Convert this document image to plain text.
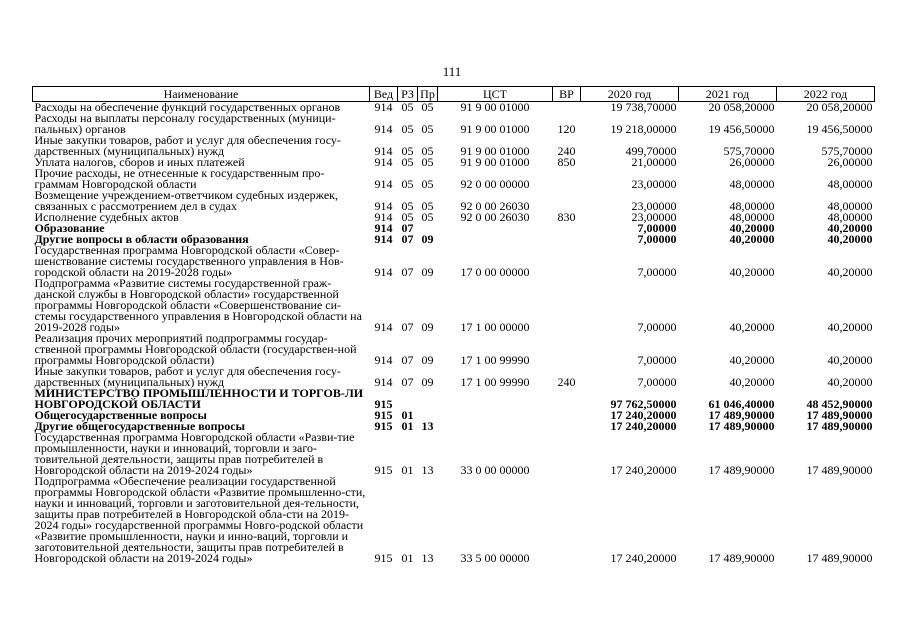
111
Наименование	Вед	РЗ	Пр	ЦСТ	ВР	2020 год	2021 год	2022 год
Расходы на обеспечение функций государственных органов	914	05	05	91 9 00 01000		19 738,70000	20 058,20000	20 058,20000
Расходы на выплаты персоналу государственных (муници-пальных) органов	914	05	05	91 9 00 01000	120	19 218,00000	19 456,50000	19 456,50000
Иные закупки товаров, работ и услуг для обеспечения госу-дарственных (муниципальных) нужд	914	05	05	91 9 00 01000	240	499,70000	575,70000	575,70000
Уплата налогов, сборов и иных платежей	914	05	05	91 9 00 01000	850	21,00000	26,00000	26,00000
Прочие расходы, не отнесенные к государственным про-граммам Новгородской области	914	05	05	92 0 00 00000		23,00000	48,00000	48,00000
Возмещение учреждением-ответчиком судебных издержек, связанных с рассмотрением дел в судах	914	05	05	92 0 00 26030		23,00000	48,00000	48,00000
Исполнение судебных актов	914	05	05	92 0 00 26030	830	23,00000	48,00000	48,00000
Образование	914	07				7,00000	40,20000	40,20000
Другие вопросы в области образования	914	07	09			7,00000	40,20000	40,20000
Государственная программа Новгородской области «Совер-шенствование системы государственного управления в Нов-городской области на 2019-2028 годы»	914	07	09	17 0 00 00000		7,00000	40,20000	40,20000
Подпрограмма «Развитие системы государственной граж-данской службы в Новгородской области» государственной программы Новгородской области «Совершенствование си-стемы государственного управления в Новгородской области на 2019-2028 годы»	914	07	09	17 1 00 00000		7,00000	40,20000	40,20000
Реализация прочих мероприятий подпрограммы государ-ственной программы Новгородской области (государствен-ной программы Новгородской области)	914	07	09	17 1 00 99990		7,00000	40,20000	40,20000
Иные закупки товаров, работ и услуг для обеспечения госу-дарственных (муниципальных) нужд	914	07	09	17 1 00 99990	240	7,00000	40,20000	40,20000
МИНИСТЕРСТВО ПРОМЫШЛЕННОСТИ И ТОРГОВ-ЛИ НОВГОРОДСКОЙ ОБЛАСТИ	915					97 762,50000	61 046,40000	48 452,90000
Общегосударственные вопросы	915	01				17 240,20000	17 489,90000	17 489,90000
Другие общегосударственные вопросы	915	01	13			17 240,20000	17 489,90000	17 489,90000
Государственная программа Новгородской области «Разви-тие промышленности, науки и инноваций, торговли и заго-товительной деятельности, защиты прав потребителей в Новгородской области на 2019-2024 годы»	915	01	13	33 0 00 00000		17 240,20000	17 489,90000	17 489,90000
Подпрограмма «Обеспечение реализации государственной программы Новгородской области «Развитие промышленно-сти, науки и инноваций, торговли и заготовительной дея-тельности, защиты прав потребителей в Новгородской обла-сти на 2019-2024 годы» государственной программы Новго-родской области «Развитие промышленности, науки и инно-ваций, торговли и заготовительной деятельности, защиты прав потребителей в Новгородской области на 2019-2024 годы»	915	01	13	33 5 00 00000		17 240,20000	17 489,90000	17 489,90000
